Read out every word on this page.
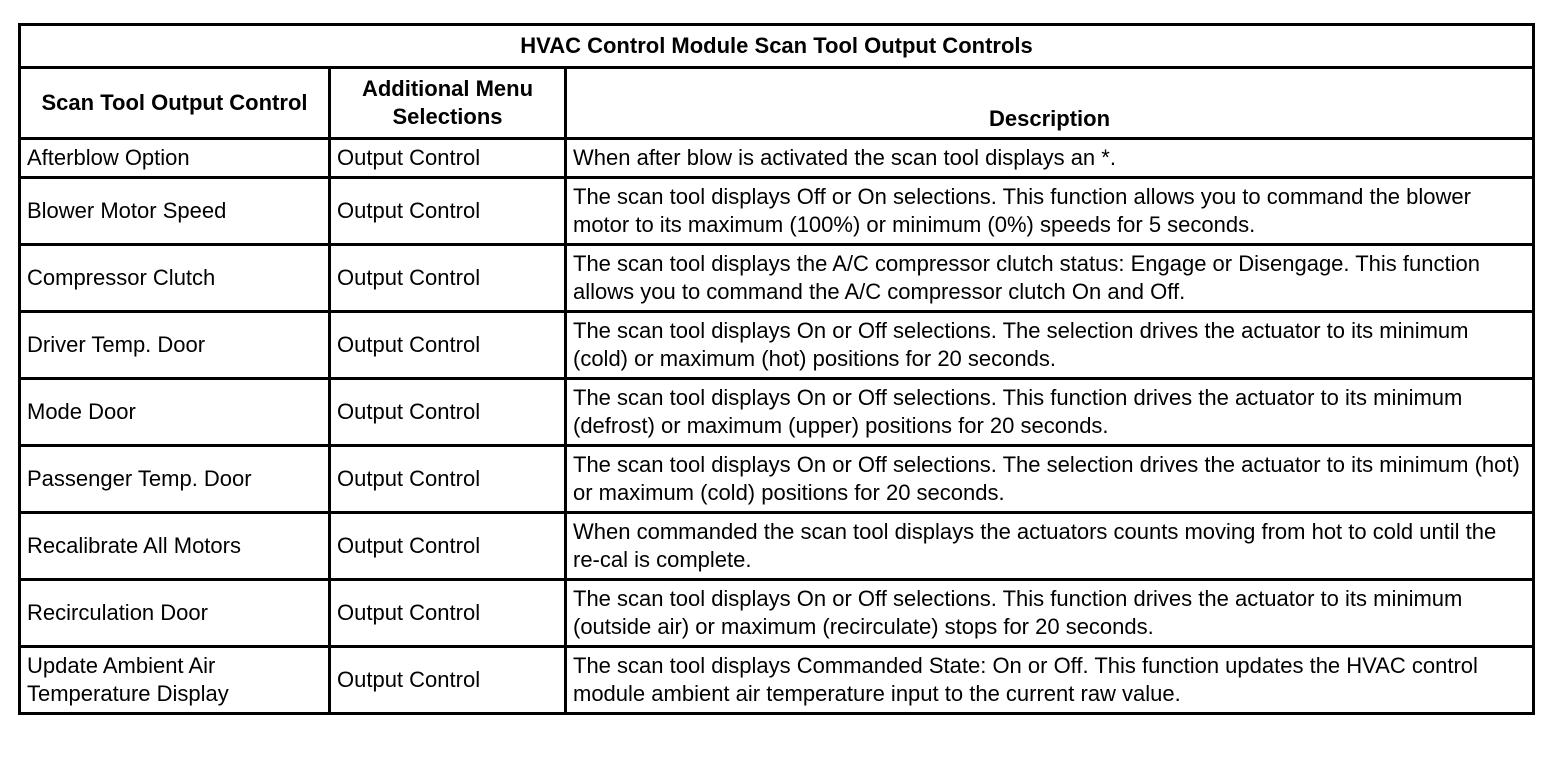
HVAC Control Module Scan Tool Output Controls		
Scan Tool Output Control	Additional Menu Selections	Description
Afterblow Option	Output Control	When after blow is activated the scan tool displays an *.
Blower Motor Speed	Output Control	The scan tool displays Off or On selections. This function allows you to command the blower motor to its maximum (100%) or minimum (0%) speeds for 5 seconds.
Compressor Clutch	Output Control	The scan tool displays the A/C compressor clutch status: Engage or Disengage. This function allows you to command the A/C compressor clutch On and Off.
Driver Temp. Door	Output Control	The scan tool displays On or Off selections. The selection drives the actuator to its minimum (cold) or maximum (hot) positions for 20 seconds.
Mode Door	Output Control	The scan tool displays On or Off selections. This function drives the actuator to its minimum (defrost) or maximum (upper) positions for 20 seconds.
Passenger Temp. Door	Output Control	The scan tool displays On or Off selections. The selection drives the actuator to its minimum (hot) or maximum (cold) positions for 20 seconds.
Recalibrate All Motors	Output Control	When commanded the scan tool displays the actuators counts moving from hot to cold until the re-cal is complete.
Recirculation Door	Output Control	The scan tool displays On or Off selections. This function drives the actuator to its minimum (outside air) or maximum (recirculate) stops for 20 seconds.
Update Ambient Air Temperature Display	Output Control	The scan tool displays Commanded State: On or Off. This function updates the HVAC control module ambient air temperature input to the current raw value.
